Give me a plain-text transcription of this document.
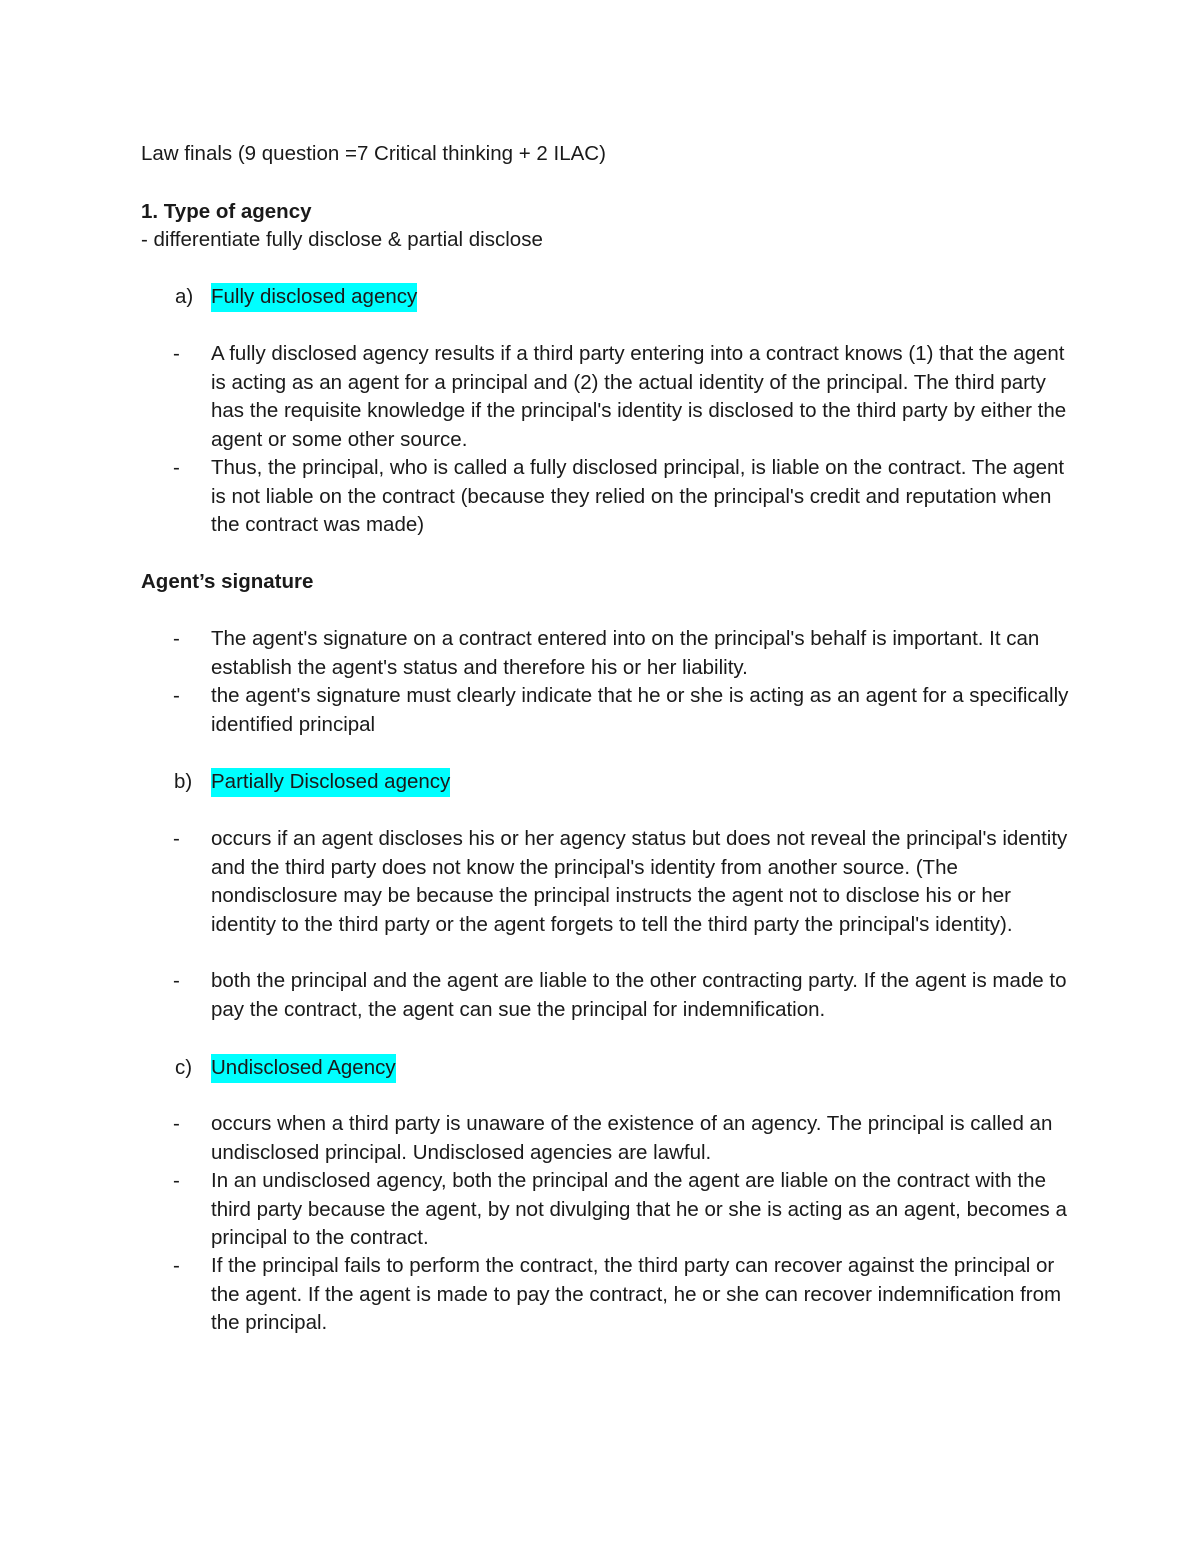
Law finals (9 question =7 Critical thinking + 2 ILAC)
1. Type of agency
- differentiate fully disclose & partial disclose
a) Fully disclosed agency
- A fully disclosed agency results if a third party entering into a contract knows (1) that the agent is acting as an agent for a principal and (2) the actual identity of the principal. The third party has the requisite knowledge if the principal's identity is disclosed to the third party by either the agent or some other source.
- Thus, the principal, who is called a fully disclosed principal, is liable on the contract. The agent is not liable on the contract (because they relied on the principal's credit and reputation when the contract was made)
Agent’s signature
- The agent's signature on a contract entered into on the principal's behalf is important. It can establish the agent's status and therefore his or her liability.
- the agent's signature must clearly indicate that he or she is acting as an agent for a specifically identified principal
b) Partially Disclosed agency
- occurs if an agent discloses his or her agency status but does not reveal the principal's identity and the third party does not know the principal's identity from another source. (The nondisclosure may be because the principal instructs the agent not to disclose his or her identity to the third party or the agent forgets to tell the third party the principal's identity).
- both the principal and the agent are liable to the other contracting party. If the agent is made to pay the contract, the agent can sue the principal for indemnification.
c) Undisclosed Agency
- occurs when a third party is unaware of the existence of an agency. The principal is called an undisclosed principal. Undisclosed agencies are lawful.
- In an undisclosed agency, both the principal and the agent are liable on the contract with the third party because the agent, by not divulging that he or she is acting as an agent, becomes a principal to the contract.
- If the principal fails to perform the contract, the third party can recover against the principal or the agent. If the agent is made to pay the contract, he or she can recover indemnification from the principal.
